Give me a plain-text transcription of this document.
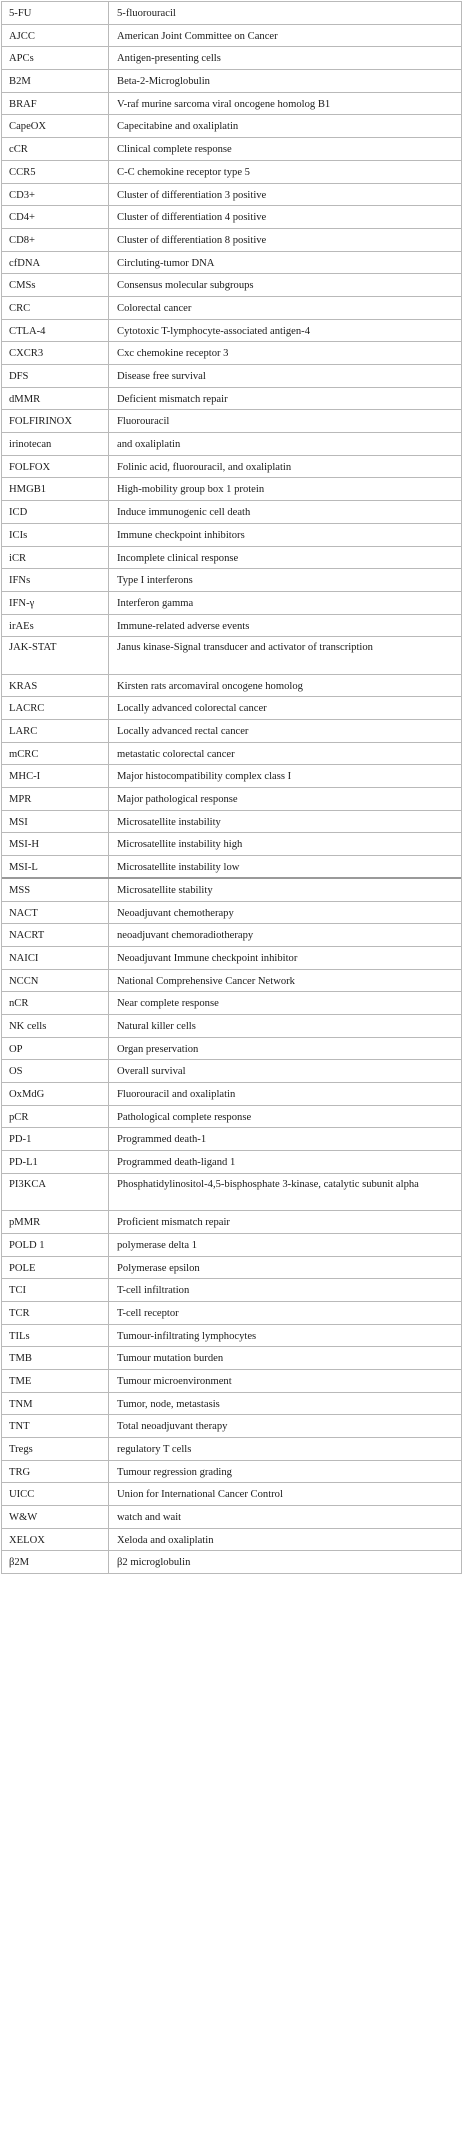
5-FU	5-fluorouracil
AJCC	American Joint Committee on Cancer
APCs	Antigen-presenting cells
B2M	Beta-2-Microglobulin
BRAF	V-raf murine sarcoma viral oncogene homolog B1
CapeOX	Capecitabine and oxaliplatin
cCR	Clinical complete response
CCR5	C-C chemokine receptor type 5
CD3+	Cluster of differentiation 3 positive
CD4+	Cluster of differentiation 4 positive
CD8+	Cluster of differentiation 8 positive
cfDNA	Circluting-tumor DNA
CMSs	Consensus molecular subgroups
CRC	Colorectal cancer
CTLA-4	Cytotoxic T-lymphocyte-associated antigen-4
CXCR3	Cxc chemokine receptor 3
DFS	Disease free survival
dMMR	Deficient mismatch repair
FOLFIRINOX	Fluorouracil
irinotecan	and oxaliplatin
FOLFOX	Folinic acid, fluorouracil, and oxaliplatin
HMGB1	High-mobility group box 1 protein
ICD	Induce immunogenic cell death
ICIs	Immune checkpoint inhibitors
iCR	Incomplete clinical response
IFNs	Type I interferons
IFN-γ	Interferon gamma
irAEs	Immune-related adverse events
JAK-STAT	Janus kinase-Signal transducer and activator of transcription
KRAS	Kirsten rats arcomaviral oncogene homolog
LACRC	Locally advanced colorectal cancer
LARC	Locally advanced rectal cancer
mCRC	metastatic colorectal cancer
MHC-I	Major histocompatibility complex class I
MPR	Major pathological response
MSI	Microsatellite instability
MSI-H	Microsatellite instability high
MSI-L	Microsatellite instability low
MSS	Microsatellite stability
NACT	Neoadjuvant chemotherapy
NACRT	neoadjuvant chemoradiotherapy
NAICI	Neoadjuvant Immune checkpoint inhibitor
NCCN	National Comprehensive Cancer Network
nCR	Near complete response
NK cells	Natural killer cells
OP	Organ preservation
OS	Overall survival
OxMdG	Fluorouracil and oxaliplatin
pCR	Pathological complete response
PD-1	Programmed death-1
PD-L1	Programmed death-ligand 1
PI3KCA	Phosphatidylinositol-4,5-bisphosphate 3-kinase, catalytic subunit alpha
pMMR	Proficient mismatch repair
POLD 1	polymerase delta 1
POLE	Polymerase epsilon
TCI	T-cell infiltration
TCR	T-cell receptor
TILs	Tumour-infiltrating lymphocytes
TMB	Tumour mutation burden
TME	Tumour microenvironment
TNM	Tumor, node, metastasis
TNT	Total neoadjuvant therapy
Tregs	regulatory T cells
TRG	Tumour regression grading
UICC	Union for International Cancer Control
W&W	watch and wait
XELOX	Xeloda and oxaliplatin
β2M	β2 microglobulin
